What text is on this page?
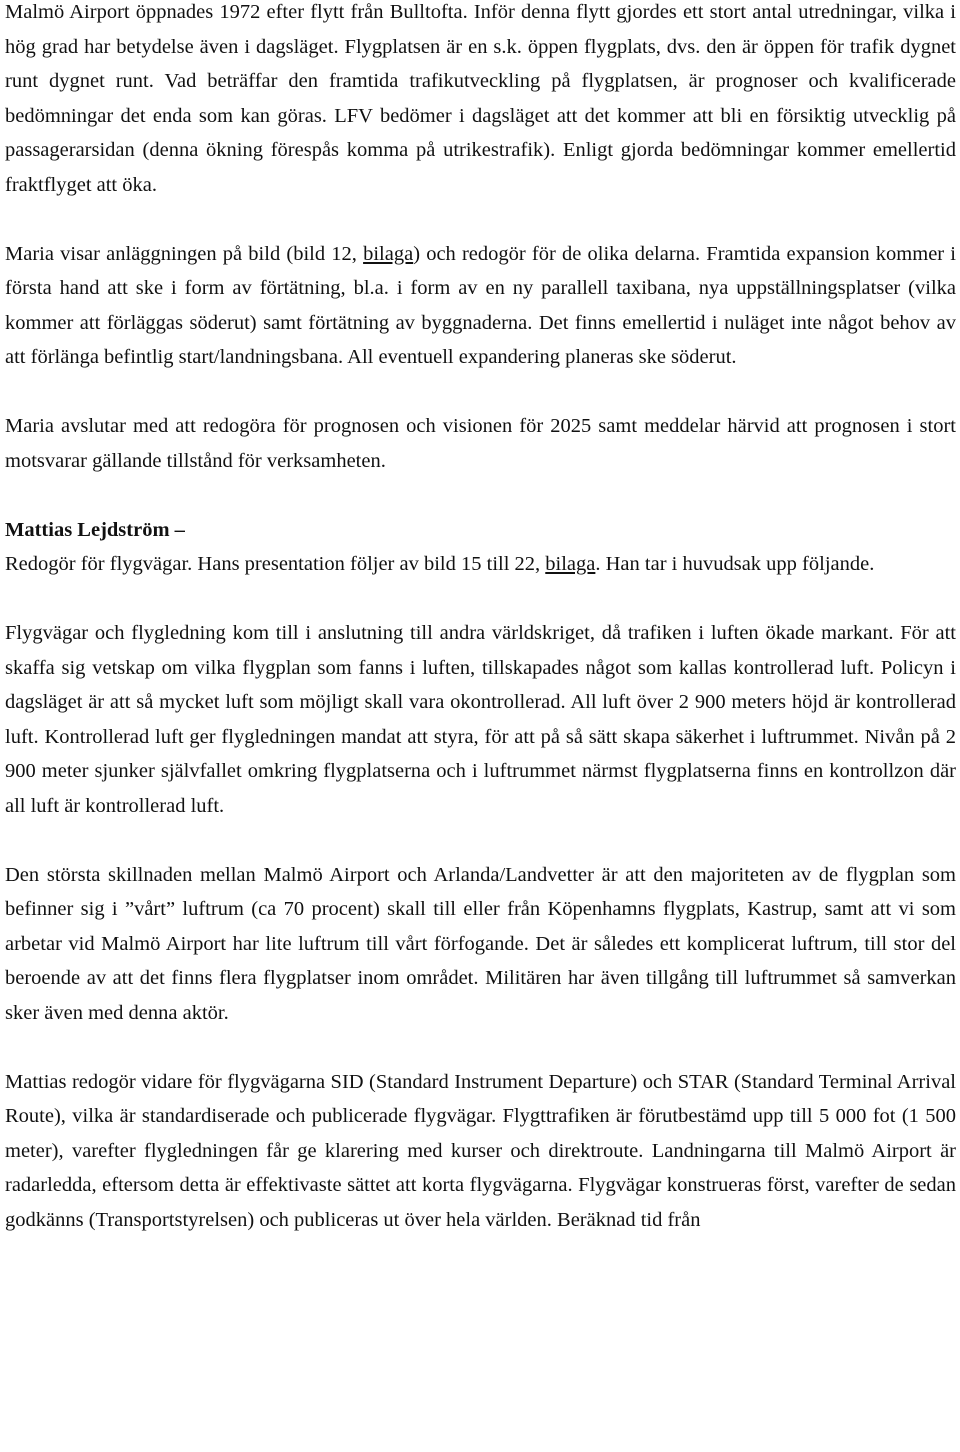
Malmö Airport öppnades 1972 efter flytt från Bulltofta. Inför denna flytt gjordes ett stort antal utredningar, vilka i hög grad har betydelse även i dagsläget. Flygplatsen är en s.k. öppen flygplats, dvs. den är öppen för trafik dygnet runt dygnet runt. Vad beträffar den framtida trafikutveckling på flygplatsen, är prognoser och kvalificerade bedömningar det enda som kan göras. LFV bedömer i dagsläget att det kommer att bli en försiktig utvecklig på passagerarsidan (denna ökning förespås komma på utrikestrafik). Enligt gjorda bedömningar kommer emellertid fraktflyget att öka.

Maria visar anläggningen på bild (bild 12, bilaga) och redogör för de olika delarna. Framtida expansion kommer i första hand att ske i form av förtätning, bl.a. i form av en ny parallell taxibana, nya uppställningsplatser (vilka kommer att förläggas söderut) samt förtätning av byggnaderna. Det finns emellertid i nuläget inte något behov av att förlänga befintlig start/landningsbana. All eventuell expandering planeras ske söderut.

Maria avslutar med att redogöra för prognosen och visionen för 2025 samt meddelar härvid att prognosen i stort motsvarar gällande tillstånd för verksamheten.

Mattias Lejdström –

Redogör för flygvägar. Hans presentation följer av bild 15 till 22, bilaga. Han tar i huvudsak upp följande.

Flygvägar och flygledning kom till i anslutning till andra världskriget, då trafiken i luften ökade markant. För att skaffa sig vetskap om vilka flygplan som fanns i luften, tillskapades något som kallas kontrollerad luft. Policyn i dagsläget är att så mycket luft som möjligt skall vara okontrollerad. All luft över 2 900 meters höjd är kontrollerad luft. Kontrollerad luft ger flygledningen mandat att styra, för att på så sätt skapa säkerhet i luftrummet. Nivån på 2 900 meter sjunker självfallet omkring flygplatserna och i luftrummet närmst flygplatserna finns en kontrollzon där all luft är kontrollerad luft.

Den största skillnaden mellan Malmö Airport och Arlanda/Landvetter är att den majoriteten av de flygplan som befinner sig i ”vårt” luftrum (ca 70 procent) skall till eller från Köpenhamns flygplats, Kastrup, samt att vi som arbetar vid Malmö Airport har lite luftrum till vårt förfogande. Det är således ett komplicerat luftrum, till stor del beroende av att det finns flera flygplatser inom området. Militären har även tillgång till luftrummet så samverkan sker även med denna aktör.

Mattias redogör vidare för flygvägarna SID (Standard Instrument Departure) och STAR (Standard Terminal Arrival Route), vilka är standardiserade och publicerade flygvägar. Flygttrafiken är förutbestämd upp till 5 000 fot (1 500 meter), varefter flygledningen får ge klarering med kurser och direktroute. Landningarna till Malmö Airport är radarledda, eftersom detta är effektivaste sättet att korta flygvägarna. Flygvägar konstrueras först, varefter de sedan godkänns (Transportstyrelsen) och publiceras ut över hela världen. Beräknad tid från
